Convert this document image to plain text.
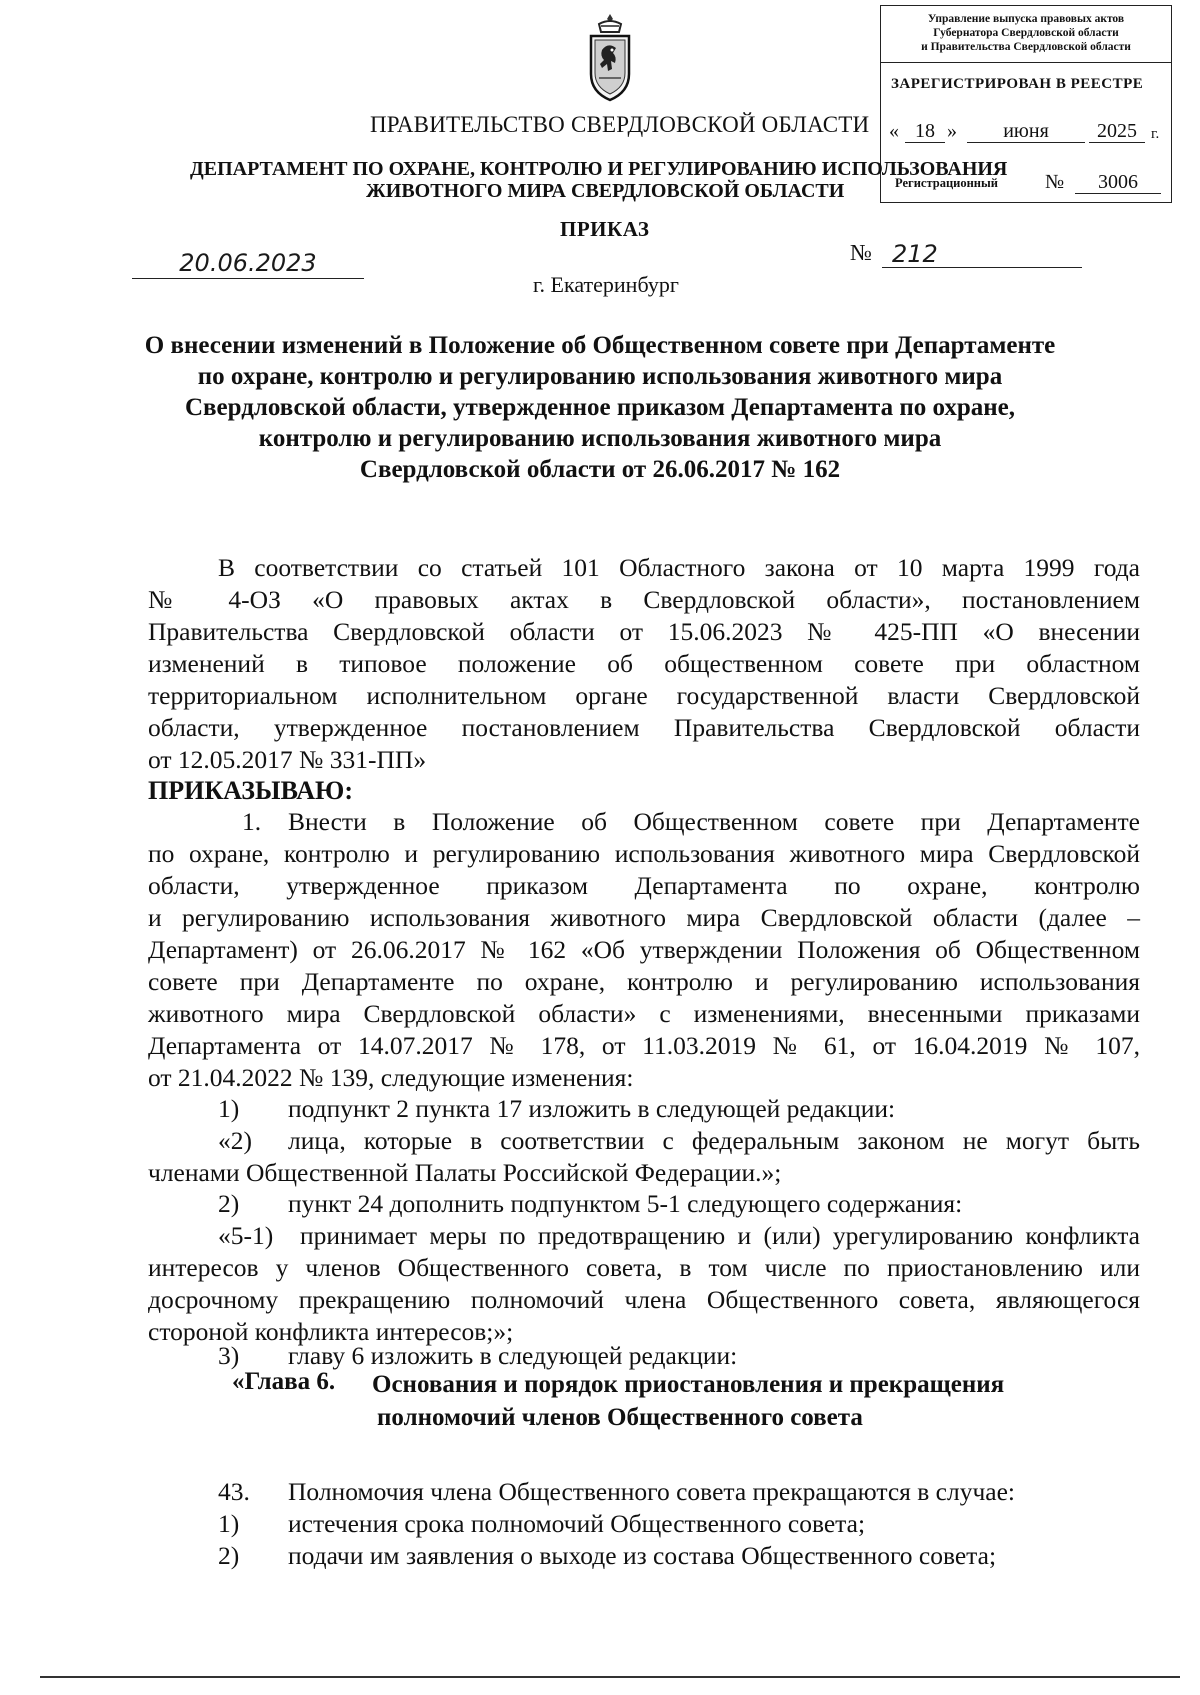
Управление выпуска правовых актов
Губернатора Свердловской области
и Правительства Свердловской области
ЗАРЕГИСТРИРОВАН В РЕЕСТРЕ
« 18 »	июня	2025 г.
Регистрационный №	3006
ПРАВИТЕЛЬСТВО СВЕРДЛОВСКОЙ ОБЛАСТИ
ДЕПАРТАМЕНТ ПО ОХРАНЕ, КОНТРОЛЮ И РЕГУЛИРОВАНИЮ ИСПОЛЬЗОВАНИЯ
ЖИВОТНОГО МИРА СВЕРДЛОВСКОЙ ОБЛАСТИ
ПРИКАЗ
20.06.2023	№ 212
г. Екатеринбург
О внесении изменений в Положение об Общественном совете при Департаменте
по охране, контролю и регулированию использования животного мира
Свердловской области, утвержденное приказом Департамента по охране,
контролю и регулированию использования животного мира
Свердловской области от 26.06.2017 № 162
В соответствии со статьей 101 Областного закона от 10 марта 1999 года
№ 4-ОЗ «О правовых актах в Свердловской области», постановлением
Правительства Свердловской области от 15.06.2023 № 425-ПП «О внесении
изменений в типовое положение об общественном совете при областном
территориальном исполнительном органе государственной власти Свердловской
области, утвержденное постановлением Правительства Свердловской области
от 12.05.2017 № 331-ПП»
ПРИКАЗЫВАЮ:
1. Внести в Положение об Общественном совете при Департаменте
по охране, контролю и регулированию использования животного мира Свердловской
области, утвержденное приказом Департамента по охране, контролю
и регулированию использования животного мира Свердловской области (далее –
Департамент) от 26.06.2017 № 162 «Об утверждении Положения об Общественном
совете при Департаменте по охране, контролю и регулированию использования
животного мира Свердловской области» с изменениями, внесенными приказами
Департамента от 14.07.2017 № 178, от 11.03.2019 № 61, от 16.04.2019 № 107,
от 21.04.2022 № 139, следующие изменения:
1) подпункт 2 пункта 17 изложить в следующей редакции:
«2) лица, которые в соответствии с федеральным законом не могут быть
членами Общественной Палаты Российской Федерации.»;
2) пункт 24 дополнить подпунктом 5-1 следующего содержания:
«5-1) принимает меры по предотвращению и (или) урегулированию конфликта
интересов у членов Общественного совета, в том числе по приостановлению или
досрочному прекращению полномочий члена Общественного совета, являющегося
стороной конфликта интересов;»;
3) главу 6 изложить в следующей редакции:
«Глава 6. Основания и порядок приостановления и прекращения
полномочий членов Общественного совета
43. Полномочия члена Общественного совета прекращаются в случае:
1) истечения срока полномочий Общественного совета;
2) подачи им заявления о выходе из состава Общественного совета;
